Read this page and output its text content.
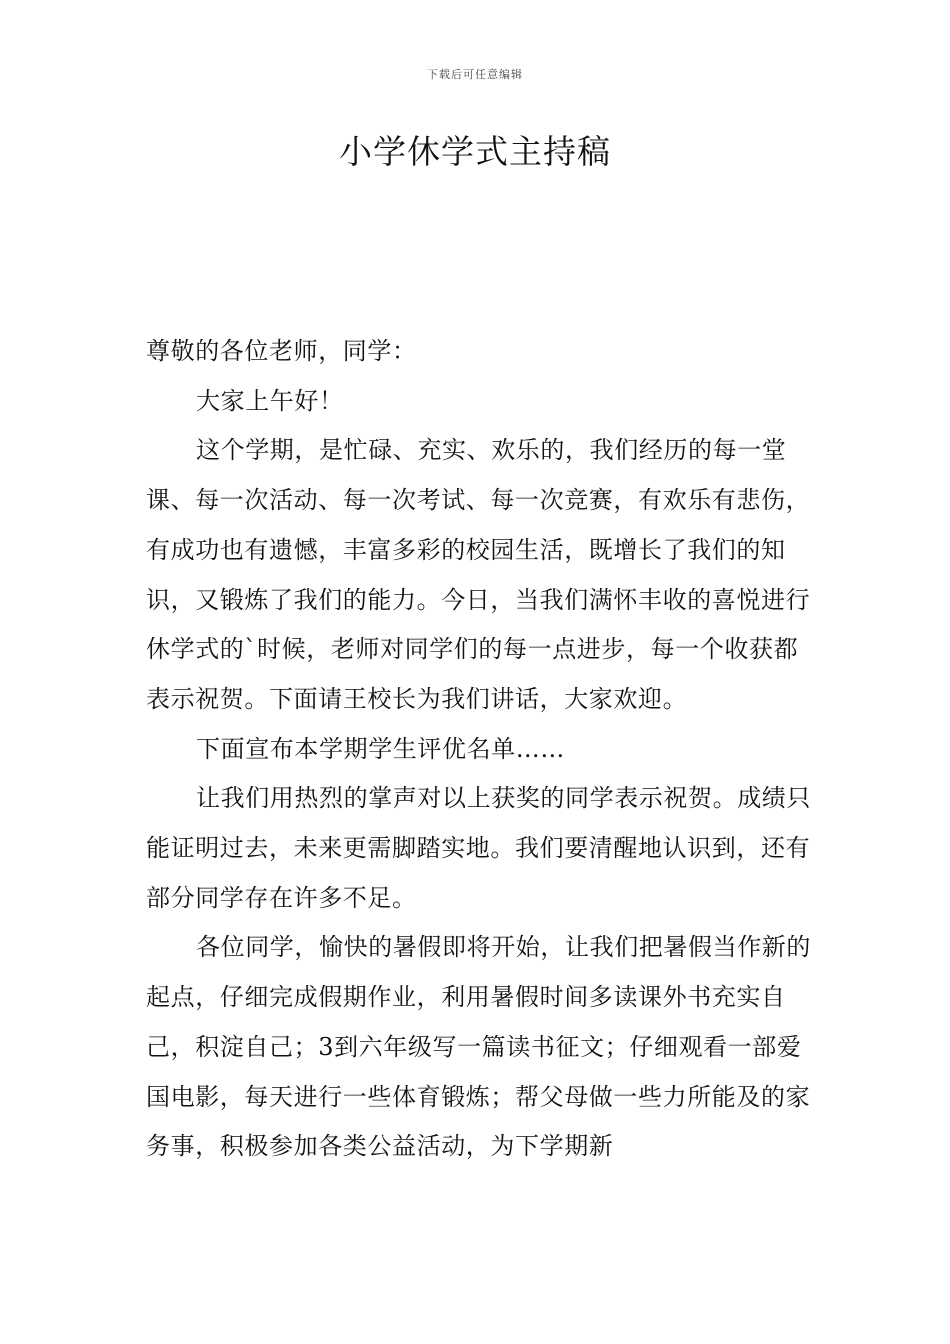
下载后可任意编辑
小学休学式主持稿

尊敬的各位老师，同学：

大家上午好！

这个学期，是忙碌、充实、欢乐的，我们经历的每一堂课、每一次活动、每一次考试、每一次竞赛，有欢乐有悲伤，有成功也有遗憾，丰富多彩的校园生活，既增长了我们的知识，又锻炼了我们的能力。今日，当我们满怀丰收的喜悦进行休学式的`时候，老师对同学们的每一点进步，每一个收获都表示祝贺。下面请王校长为我们讲话，大家欢迎。

下面宣布本学期学生评优名单……

让我们用热烈的掌声对以上获奖的同学表示祝贺。成绩只能证明过去，未来更需脚踏实地。我们要清醒地认识到，还有部分同学存在许多不足。

各位同学，愉快的暑假即将开始，让我们把暑假当作新的起点，仔细完成假期作业，利用暑假时间多读课外书充实自己，积淀自己；3到六年级写一篇读书征文；仔细观看一部爱国电影，每天进行一些体育锻炼；帮父母做一些力所能及的家务事，积极参加各类公益活动，为下学期新
